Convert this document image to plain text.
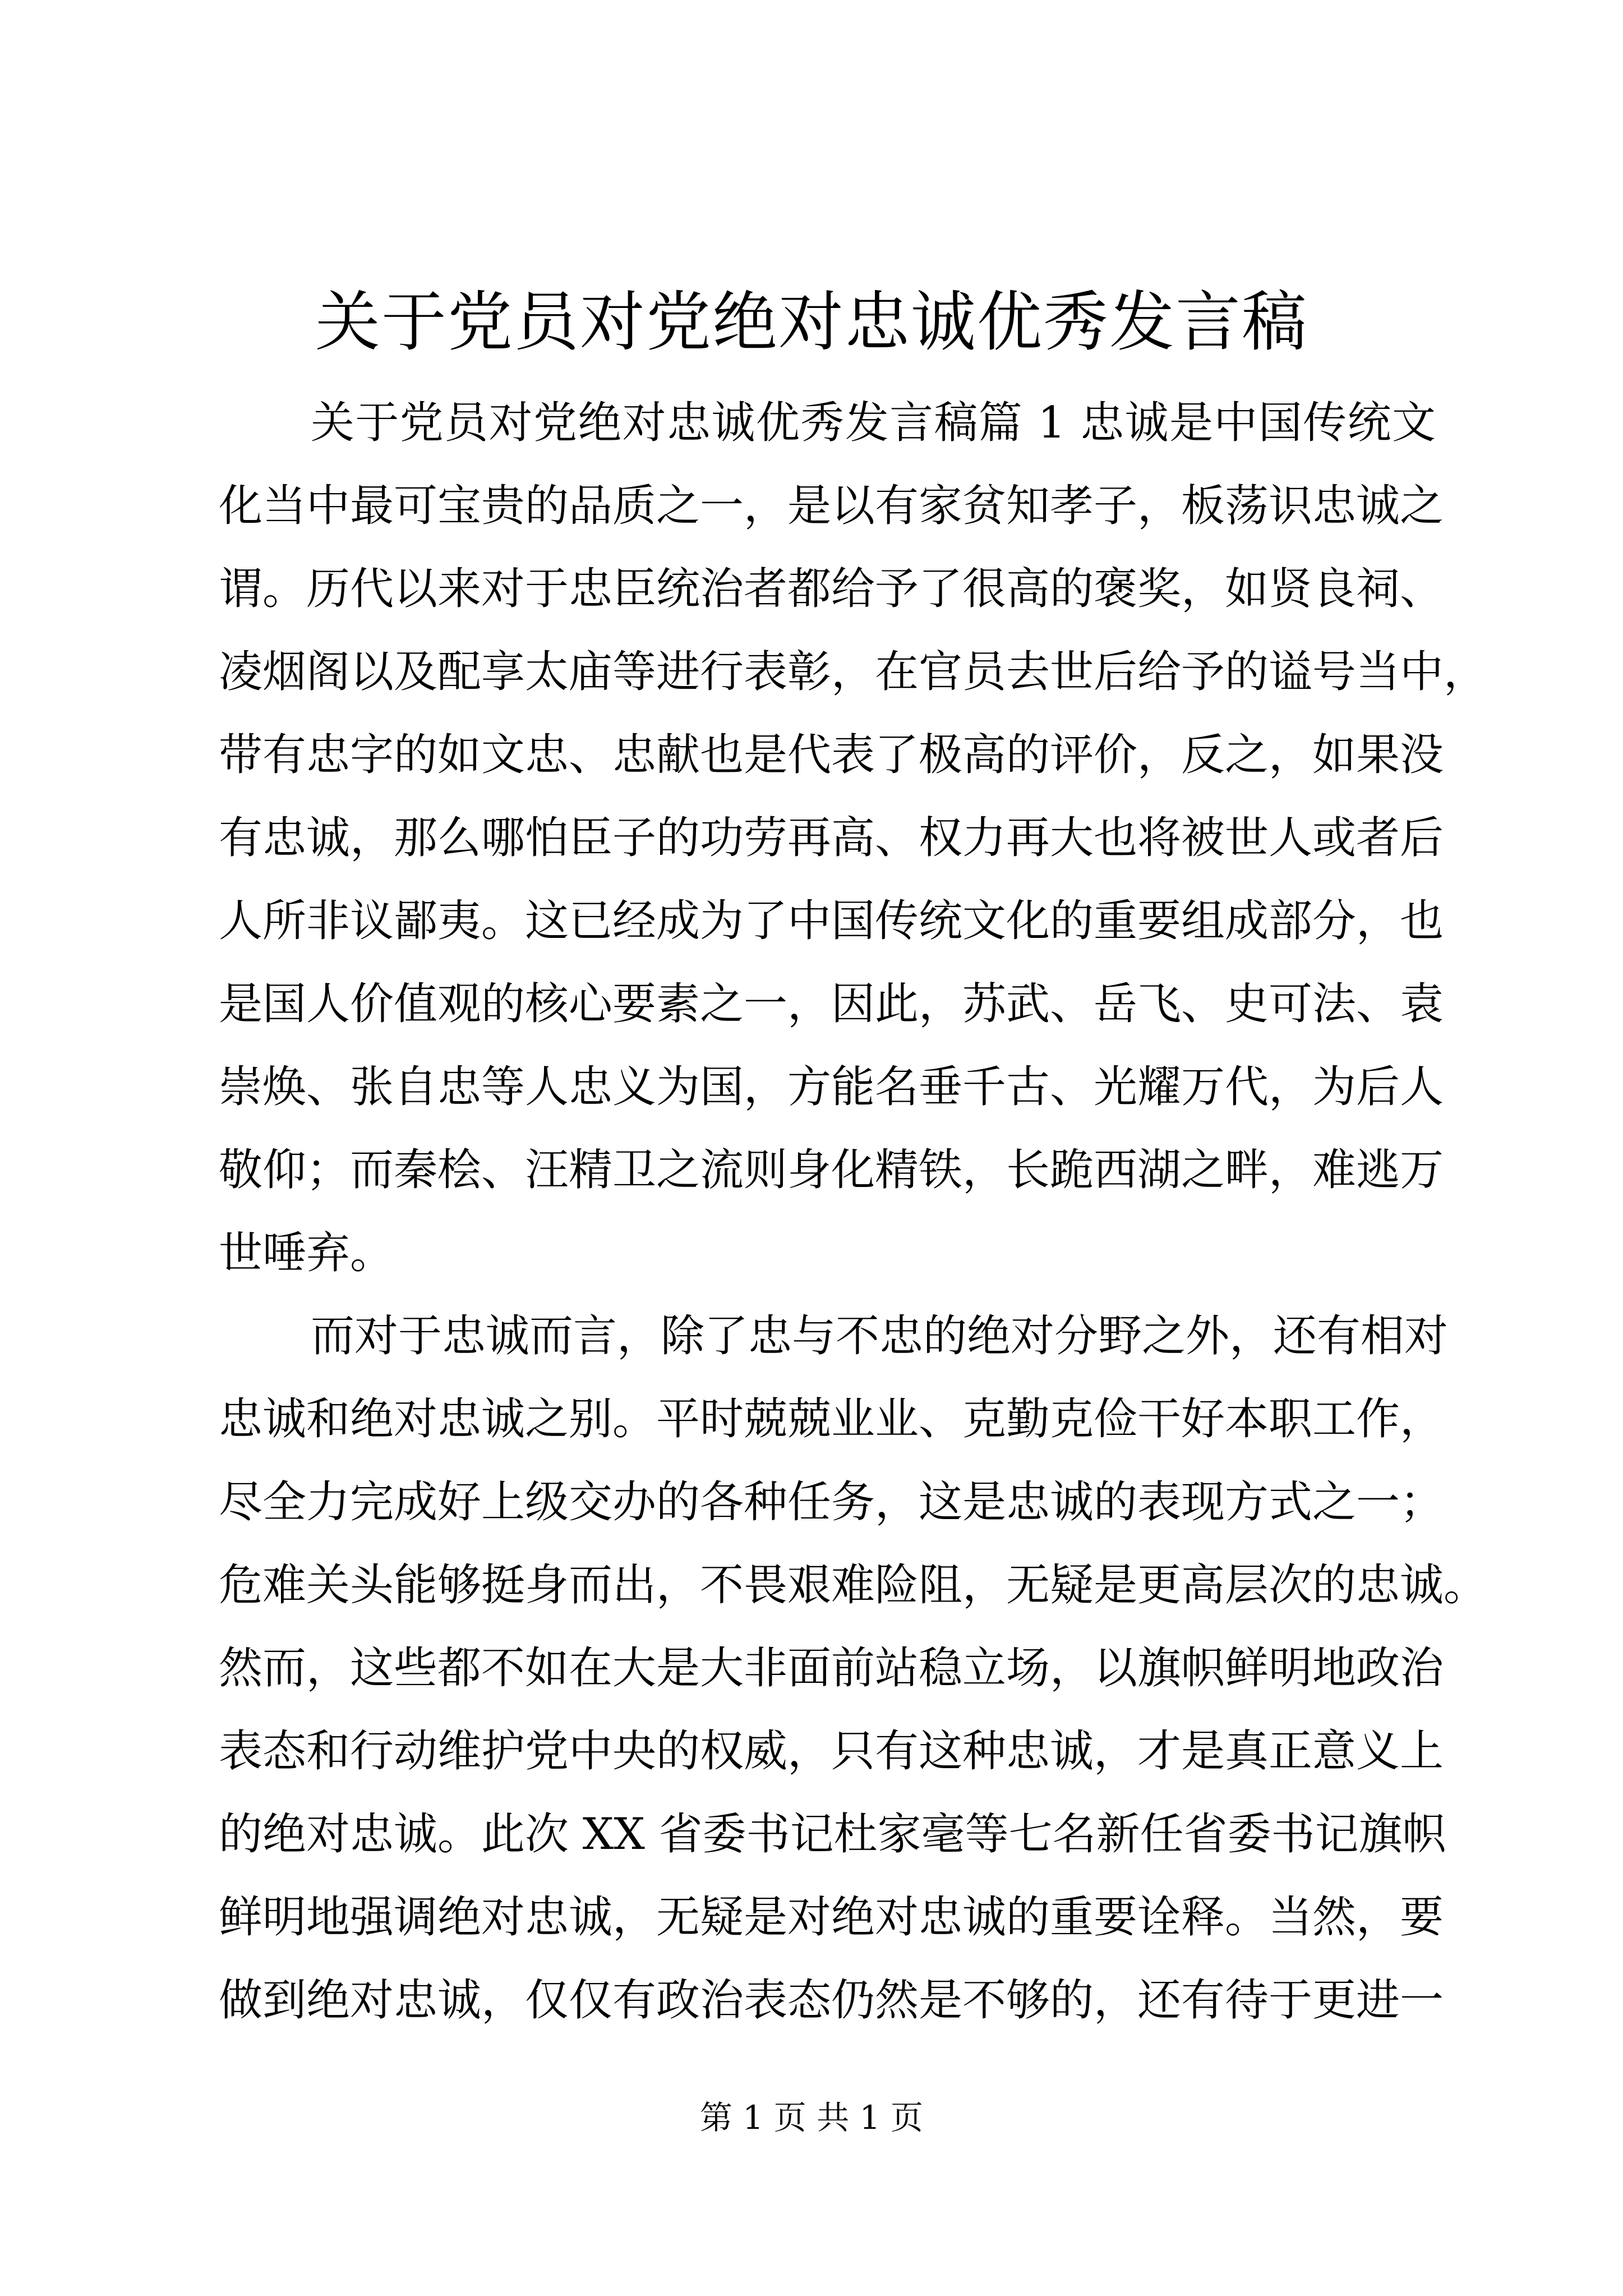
关于党员对党绝对忠诚优秀发言稿
关于党员对党绝对忠诚优秀发言稿篇 1 忠诚是中国传统文
化当中最可宝贵的品质之一，是以有家贫知孝子，板荡识忠诚之
谓。历代以来对于忠臣统治者都给予了很高的褒奖，如贤良祠、
凌烟阁以及配享太庙等进行表彰，在官员去世后给予的谥号当中，
带有忠字的如文忠、忠献也是代表了极高的评价，反之，如果没
有忠诚，那么哪怕臣子的功劳再高、权力再大也将被世人或者后
人所非议鄙夷。这已经成为了中国传统文化的重要组成部分，也
是国人价值观的核心要素之一，因此，苏武、岳飞、史可法、袁
崇焕、张自忠等人忠义为国，方能名垂千古、光耀万代，为后人
敬仰；而秦桧、汪精卫之流则身化精铁，长跪西湖之畔，难逃万
世唾弃。
而对于忠诚而言，除了忠与不忠的绝对分野之外，还有相对
忠诚和绝对忠诚之别。平时兢兢业业、克勤克俭干好本职工作，
尽全力完成好上级交办的各种任务，这是忠诚的表现方式之一；
危难关头能够挺身而出，不畏艰难险阻，无疑是更高层次的忠诚。
然而，这些都不如在大是大非面前站稳立场，以旗帜鲜明地政治
表态和行动维护党中央的权威，只有这种忠诚，才是真正意义上
的绝对忠诚。此次 XX 省委书记杜家毫等七名新任省委书记旗帜
鲜明地强调绝对忠诚，无疑是对绝对忠诚的重要诠释。当然，要
做到绝对忠诚，仅仅有政治表态仍然是不够的，还有待于更进一
第 1 页 共 1 页
